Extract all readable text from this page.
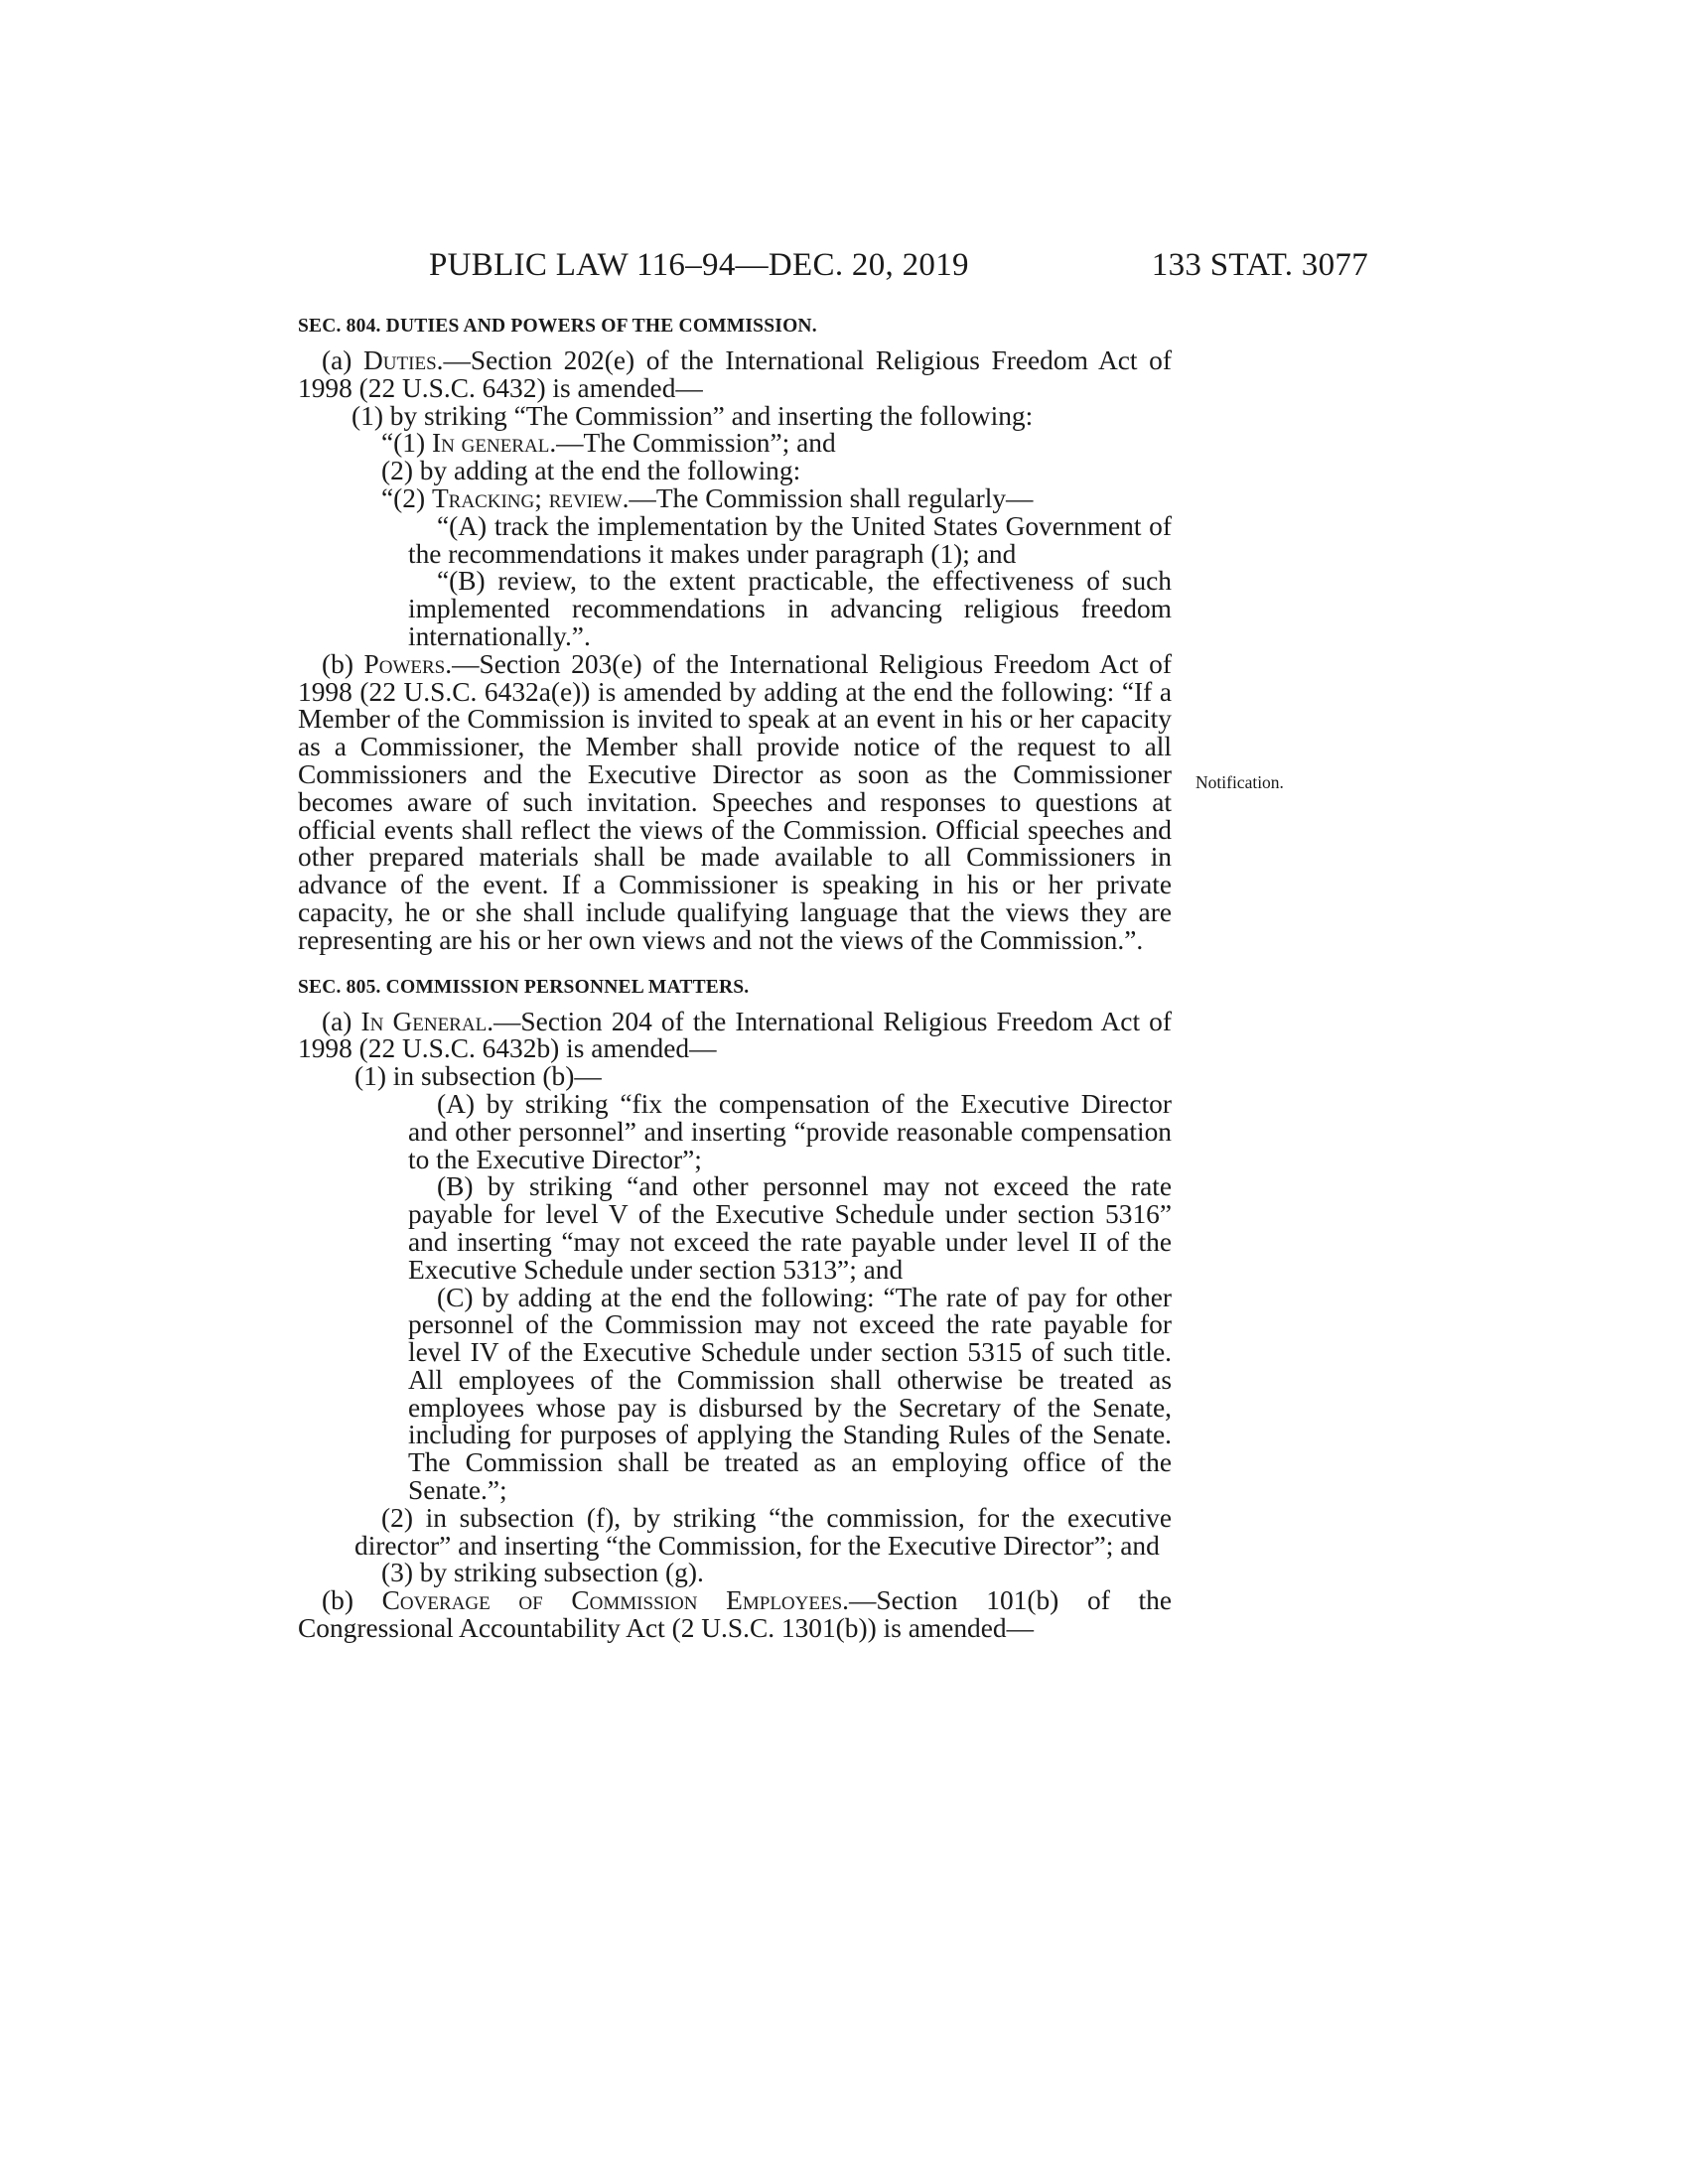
PUBLIC LAW 116–94—DEC. 20, 2019	133 STAT. 3077
Notification.
SEC. 804. DUTIES AND POWERS OF THE COMMISSION.

(a) Duties.—Section 202(e) of the International Religious Freedom Act of 1998 (22 U.S.C. 6432) is amended—

(1) by striking “The Commission” and inserting the following:

“(1) In general.—The Commission”; and

(2) by adding at the end the following:

“(2) Tracking; review.—The Commission shall regularly—

“(A) track the implementation by the United States Government of the recommendations it makes under paragraph (1); and

“(B) review, to the extent practicable, the effectiveness of such implemented recommendations in advancing religious freedom internationally.”.

(b) Powers.—Section 203(e) of the International Religious Freedom Act of 1998 (22 U.S.C. 6432a(e)) is amended by adding at the end the following: “If a Member of the Commission is invited to speak at an event in his or her capacity as a Commissioner, the Member shall provide notice of the request to all Commissioners and the Executive Director as soon as the Commissioner becomes aware of such invitation. Speeches and responses to questions at official events shall reflect the views of the Commission. Official speeches and other prepared materials shall be made available to all Commissioners in advance of the event. If a Commissioner is speaking in his or her private capacity, he or she shall include qualifying language that the views they are representing are his or her own views and not the views of the Commission.”.

SEC. 805. COMMISSION PERSONNEL MATTERS.

(a) In General.—Section 204 of the International Religious Freedom Act of 1998 (22 U.S.C. 6432b) is amended—

(1) in subsection (b)—

(A) by striking “fix the compensation of the Executive Director and other personnel” and inserting “provide reasonable compensation to the Executive Director”;

(B) by striking “and other personnel may not exceed the rate payable for level V of the Executive Schedule under section 5316” and inserting “may not exceed the rate payable under level II of the Executive Schedule under section 5313”; and

(C) by adding at the end the following: “The rate of pay for other personnel of the Commission may not exceed the rate payable for level IV of the Executive Schedule under section 5315 of such title. All employees of the Commission shall otherwise be treated as employees whose pay is disbursed by the Secretary of the Senate, including for purposes of applying the Standing Rules of the Senate. The Commission shall be treated as an employing office of the Senate.”;

(2) in subsection (f), by striking “the commission, for the executive director” and inserting “the Commission, for the Executive Director”; and

(3) by striking subsection (g).

(b) Coverage of Commission Employees.—Section 101(b) of the Congressional Accountability Act (2 U.S.C. 1301(b)) is amended—
